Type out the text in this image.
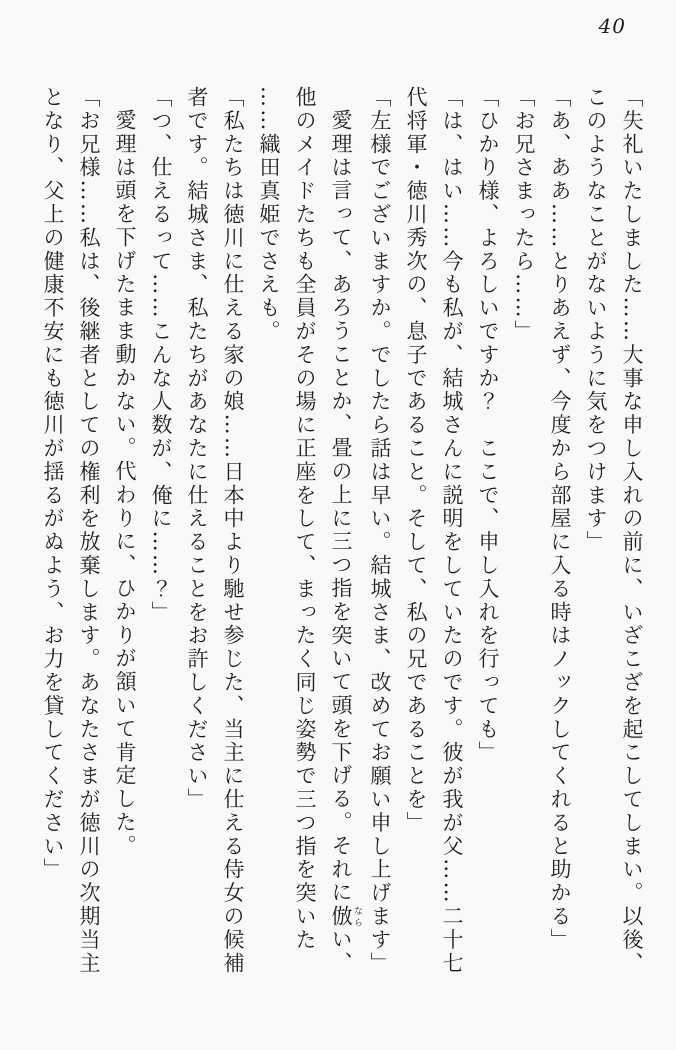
40

「失礼いたしました……大事な申し入れの前に、いざこざを起こしてしまい。以後、

このようなことがないように気をつけます」

「あ、ああ……とりあえず、今度から部屋に入る時はノックしてくれると助かる」

「お兄さまったら……」

「ひかり様、よろしいですか？　ここで、申し入れを行っても」

「は、はい……今も私が、結城さんに説明をしていたのです。彼が我が父……二十七

代将軍・徳川秀次の、息子であること。そして、私の兄であることを」

「左様でございますか。でしたら話は早い。結城さま、改めてお願い申し上げます」

愛理は言って、あろうことか、畳の上に三つ指を突いて頭を下げる。それに倣 ならい、

他のメイドたちも全員がその場に正座をして、まったく同じ姿勢で三つ指を突いた

……織田真姫でさえも。

「私たちは徳川に仕える家の娘……日本中より馳せ参じた、当主に仕える侍女の候補

者です。結城さま、私たちがあなたに仕えることをお許しください」

「つ、仕えるって……こんな人数が、俺に……？」

愛理は頭を下げたまま動かない。代わりに、ひかりが頷いて肯定した。

「お兄様……私は、後継者としての権利を放棄します。あなたさまが徳川の次期当主

となり、父上の健康不安にも徳川が揺るがぬよう、お力を貸してください」
